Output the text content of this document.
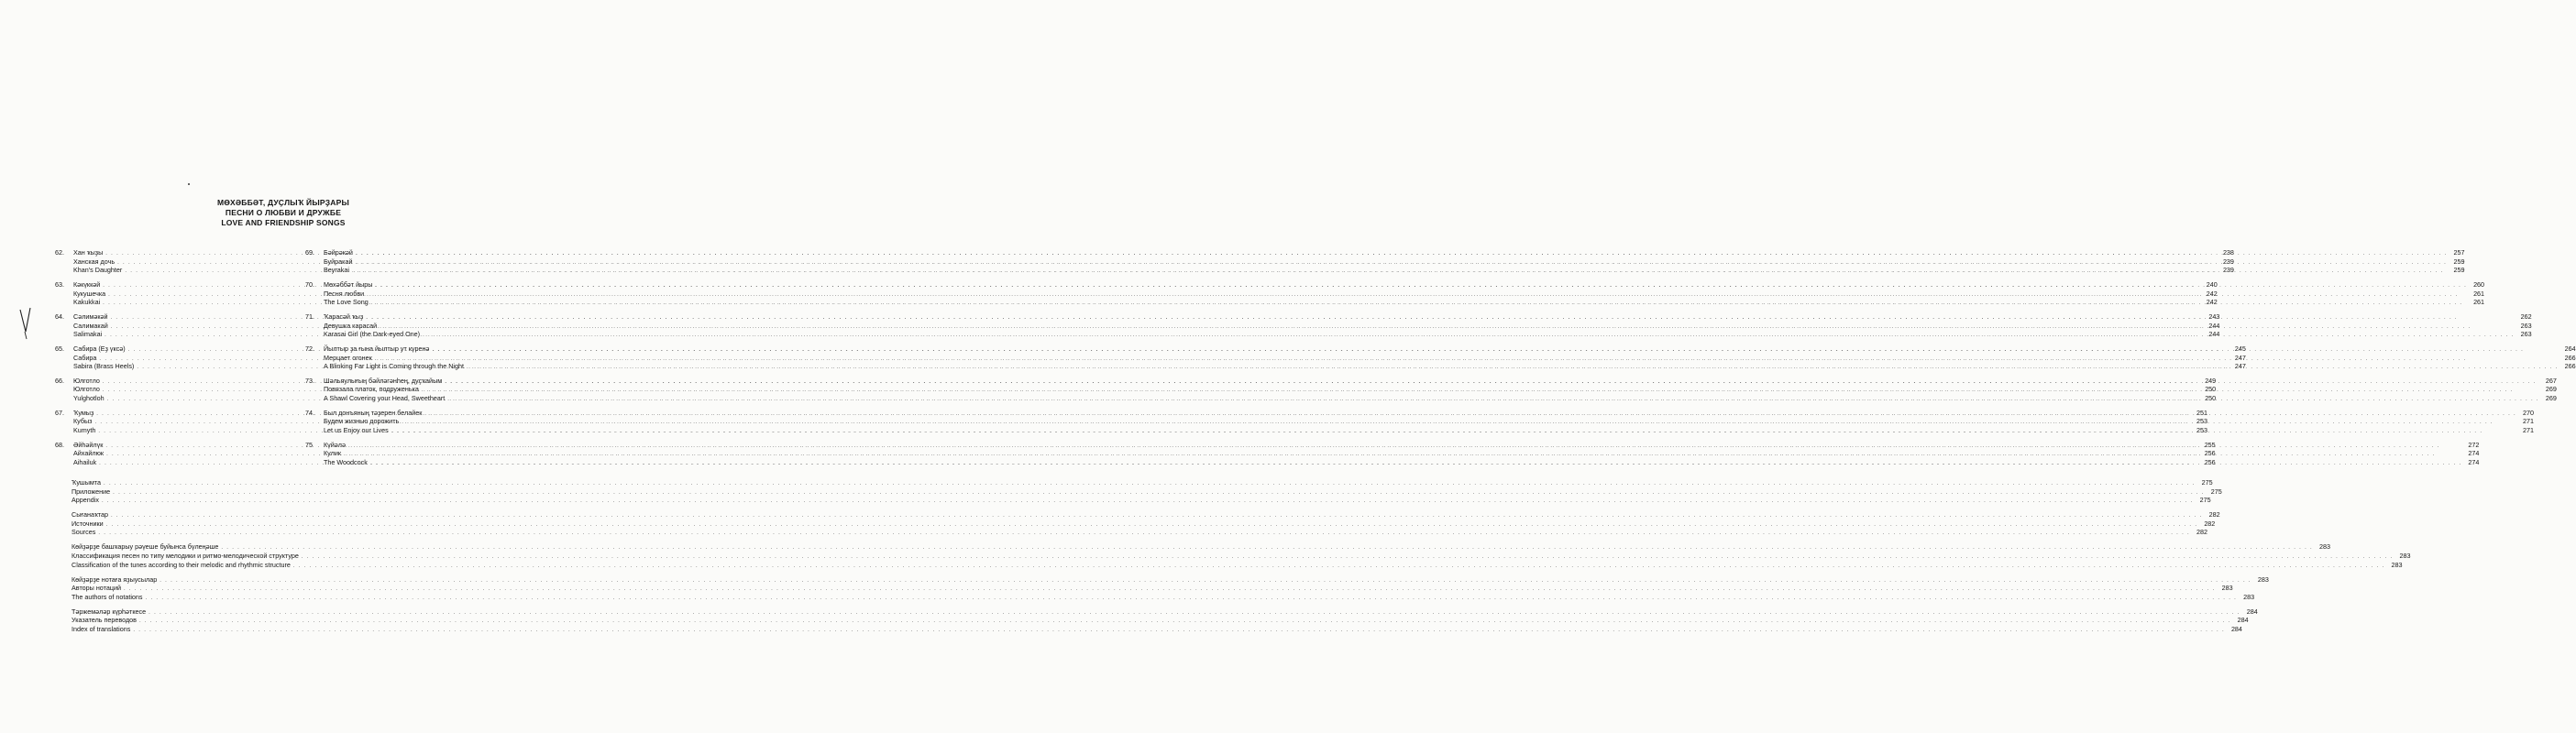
МӨХӘББӘТ, ДУҪЛЫҠ ЙЫРҘАРЫ
ПЕСНИ О ЛЮБВИ И ДРУЖБЕ
LOVE AND FRIENDSHIP SONGS
62.	Хан ҡыҙы . . .	238
Ханская дочь . . .	239
Khan's Daughter . . .	239
63.	Кәкүккәй . . .	240
Кукушечка . . .	242
Kakukkai . . .	242
64.	Сәлимәкәй . . .	243
Салимакай . . .	244
Salimakai . . .	244
65.	Сабира (Еҙ үксә) . . .	245
Сабира . . .	247
Sabira (Brass Heels) . . .	247
66.	Юлготло . . .	249
Юлготло . . .	250
Yulghotloh . . .	250
67.	Ҡумыҙ . . .	251
Кубыз . . .	253
Kumyth . . .	253
68.	Әйһәйлүк . . .	255
Айхайлюк . . .	256
Aihailuk . . .	256
69.	Бәйрәкәй . . .	257
Буйракай . . .	259
Beyrakai . . .	259
70.	Мөхәббәт йыры . . .	260
Песня любви . . .	261
The Love Song . . .	261
71.	Ҡарасәй ҡыҙ . . .	262
Девушка карасай . . .	263
Karasai Girl (the Dark-eyed One) . . .	263
72.	Йылтыр ҙа ғына йылтыр ут күренә . . .	264
Мерцает огонек . . .	266
A Blinking Far Light is Coming through the Night . . .	266
73.	Шәльяулығың бәйләгәнһең, дуҫҡайым . . .	267
Повязала платок, подруженька . . .	269
A Shawl Covering your Head, Sweetheart . . .	269
74.	Был донъяның тәҙерен белайек . . .	270
Будем жизнью дорожить . . .	271
Let us Enjoy our Lives . . .	271
75	Күйәлә . . .	272
Кулик . . .	274
The Woodcock . . .	274
Ҡушымта . . .	275
Приложение . . .	275
Appendix . . .	275
Сығанаҡтар . . .	282
Источники . . .	282
Sources . . .	282
Көйҙәрҙе башҡарыу рәүеше буйынса бүлеңәше . . .	283
Классификация песен по типу мелодики и ритмо-мелодической структуре . . .	283
Classification of the tunes according to their melodic and rhythmic structure . . .	283
Көйҙәрҙе нотаға яҙыусылар . . .	283
Авторы нотаций . . .	283
The authors of notations . . .	283
Тәржемәләр күрһәткесе . . .	284
Указатель переводов . . .	284
Index of translations . . .	284
